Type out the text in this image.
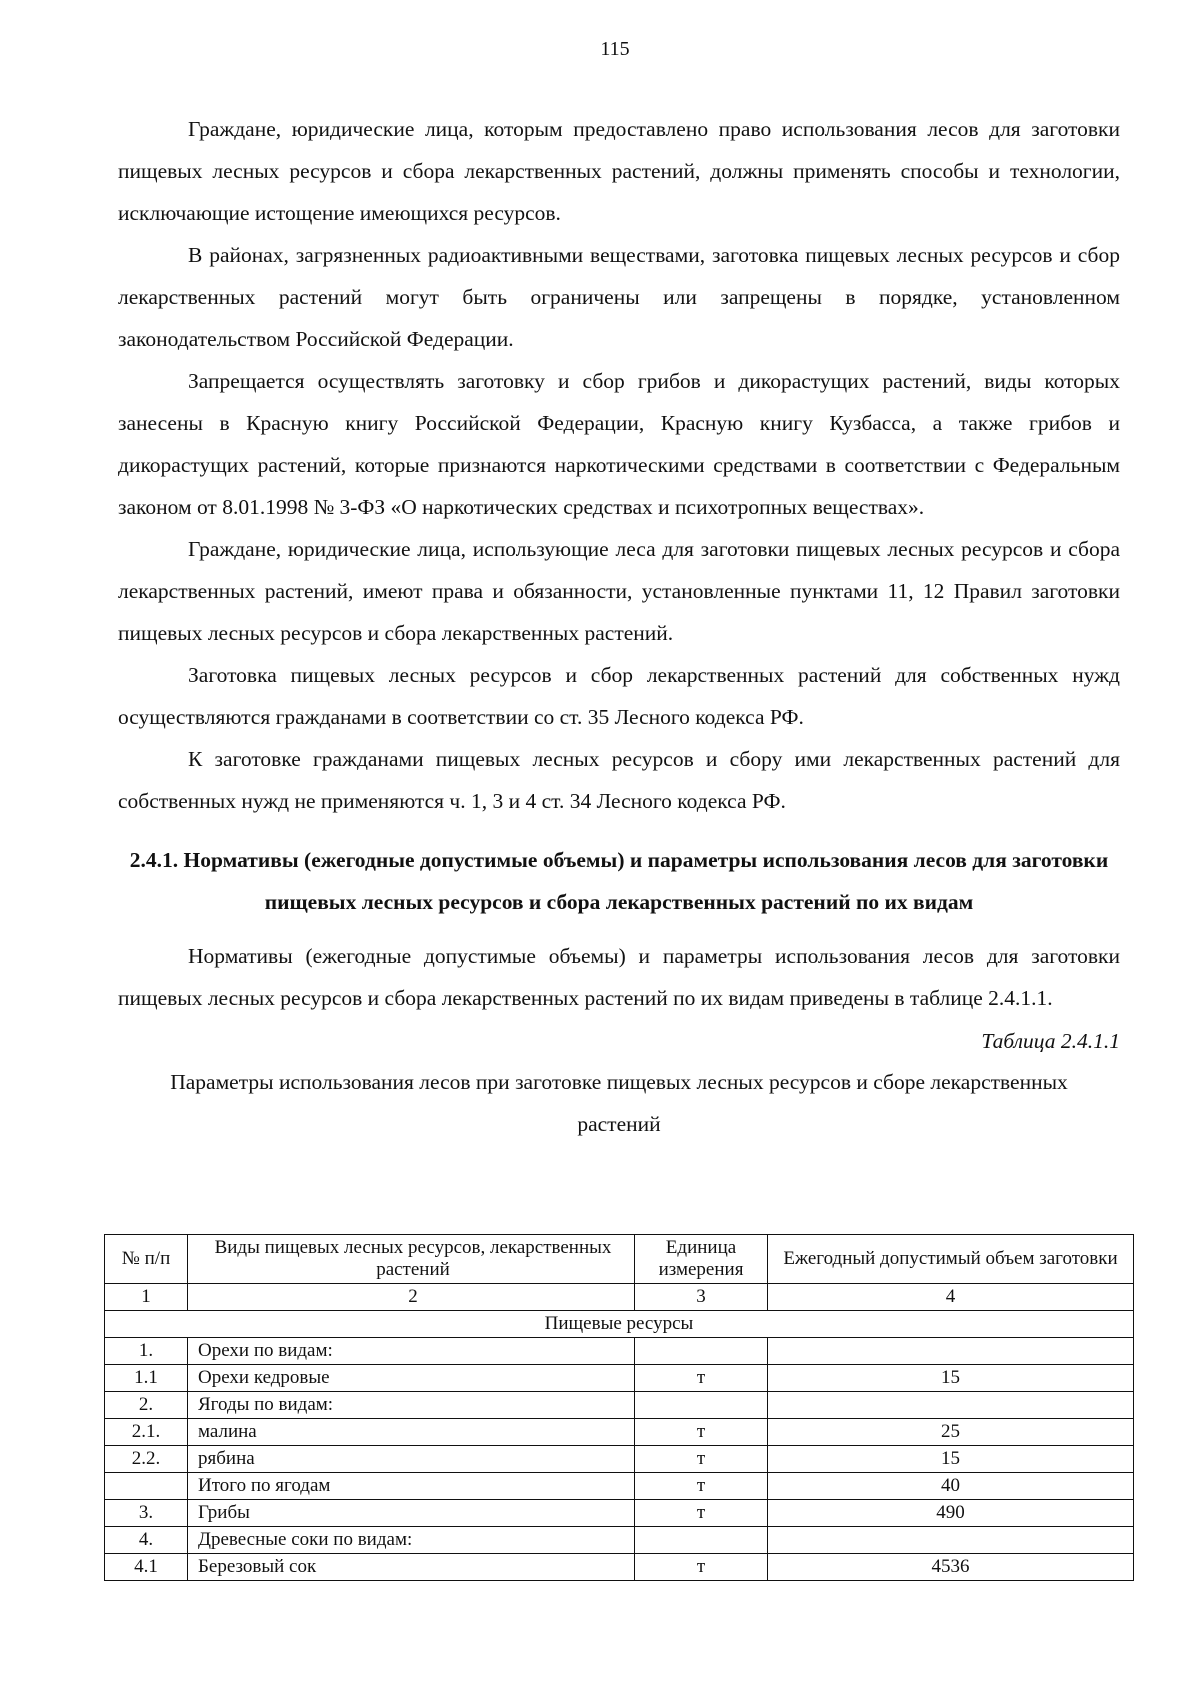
115

Граждане, юридические лица, которым предоставлено право использования лесов для заготовки пищевых лесных ресурсов и сбора лекарственных растений, должны применять способы и технологии, исключающие истощение имеющихся ресурсов.

В районах, загрязненных радиоактивными веществами, заготовка пищевых лесных ресурсов и сбор лекарственных растений могут быть ограничены или запрещены в порядке, установленном законодательством Российской Федерации.

Запрещается осуществлять заготовку и сбор грибов и дикорастущих растений, виды которых занесены в Красную книгу Российской Федерации, Красную книгу Кузбасса, а также грибов и дикорастущих растений, которые признаются наркотическими средствами в соответствии с Федеральным законом от 8.01.1998 № 3-ФЗ «О наркотических средствах и психотропных веществах».

Граждане, юридические лица, использующие леса для заготовки пищевых лесных ресурсов и сбора лекарственных растений, имеют права и обязанности, установленные пунктами 11, 12 Правил заготовки пищевых лесных ресурсов и сбора лекарственных растений.

Заготовка пищевых лесных ресурсов и сбор лекарственных растений для собственных нужд осуществляются гражданами в соответствии со ст. 35 Лесного кодекса РФ.

К заготовке гражданами пищевых лесных ресурсов и сбору ими лекарственных растений для собственных нужд не применяются ч. 1, 3 и 4 ст. 34 Лесного кодекса РФ.

2.4.1. Нормативы (ежегодные допустимые объемы) и параметры использования лесов для заготовки пищевых лесных ресурсов и сбора лекарственных растений по их видам

Нормативы (ежегодные допустимые объемы) и параметры использования лесов для заготовки пищевых лесных ресурсов и сбора лекарственных растений по их видам приведены в таблице 2.4.1.1.

Таблица 2.4.1.1

Параметры использования лесов при заготовке пищевых лесных ресурсов и сборе лекарственных растений

№ п/п	Виды пищевых лесных ресурсов, лекарственных растений	Единица измерения	Ежегодный допустимый объем заготовки
1	2	3	4
Пищевые ресурсы			
1.	Орехи по видам:		
1.1	Орехи кедровые	т	15
2.	Ягоды по видам:		
2.1.	малина	т	25
2.2.	рябина	т	15
	Итого по ягодам	т	40
3.	Грибы	т	490
4.	Древесные соки по видам:		
4.1	Березовый сок	т	4536
